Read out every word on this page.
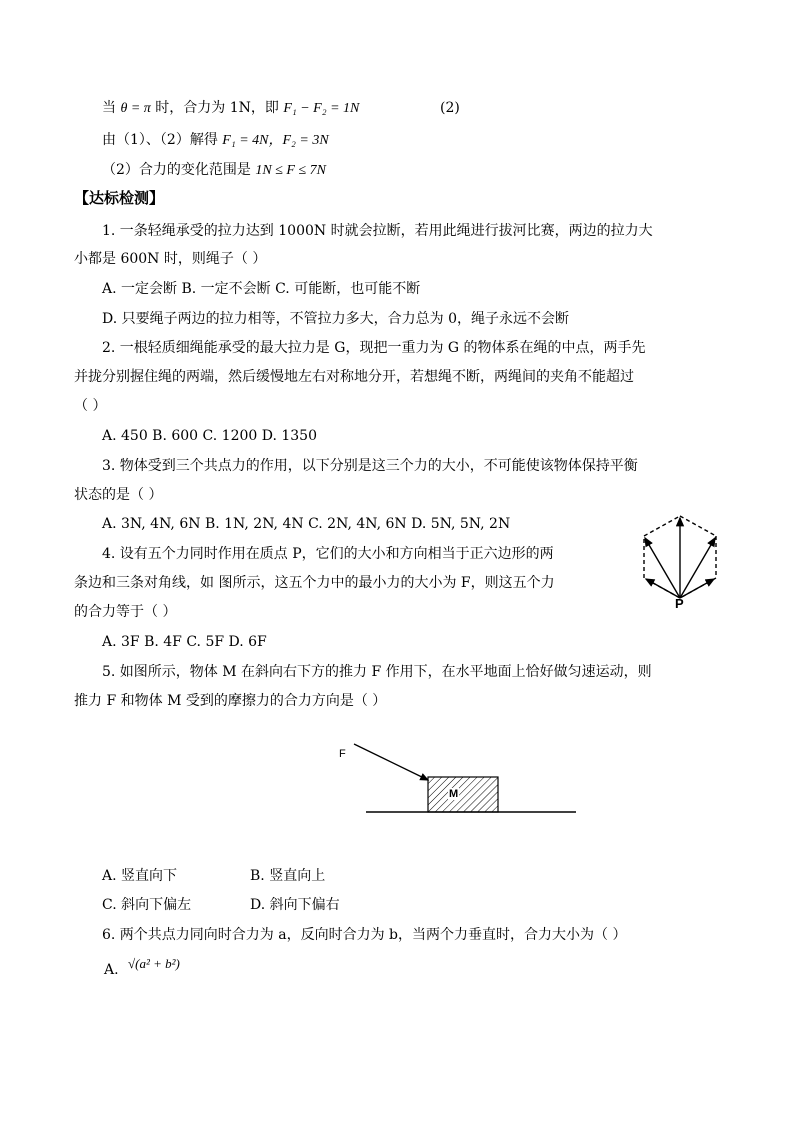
当 θ = π 时，合力为 1N，即 F₁ − F₂ = 1N	(2)
由（1）、（2）解得 F₁ = 4N，F₂ = 3N
（2）合力的变化范围是 1N ≤ F ≤ 7N
【达标检测】
1. 一条轻绳承受的拉力达到 1000N 时就会拉断，若用此绳进行拔河比赛，两边的拉力大
小都是 600N 时，则绳子（ ）
A. 一定会断 B. 一定不会断 C. 可能断，也可能不断
D. 只要绳子两边的拉力相等，不管拉力多大，合力总为 0，绳子永远不会断
2. 一根轻质细绳能承受的最大拉力是 G，现把一重力为 G 的物体系在绳的中点，两手先
并拢分别握住绳的两端，然后缓慢地左右对称地分开，若想绳不断，两绳间的夹角不能超过
（ ）
A. 450 B. 600 C. 1200 D. 1350
3. 物体受到三个共点力的作用，以下分别是这三个力的大小，不可能使该物体保持平衡
状态的是（ ）
A. 3N, 4N, 6N B. 1N, 2N, 4N C. 2N, 4N, 6N D. 5N, 5N, 2N
4. 设有五个力同时作用在质点 P，它们的大小和方向相当于正六边形的两
条边和三条对角线，如 图所示，这五个力中的最小力的大小为 F，则这五个力
的合力等于（ ）
A. 3F B. 4F C. 5F D. 6F
P
5. 如图所示，物体 M 在斜向右下方的推力 F 作用下，在水平地面上恰好做匀速运动，则
推力 F 和物体 M 受到的摩擦力的合力方向是（ ）
F
M
A. 竖直向下	B. 竖直向上
C. 斜向下偏左	D. 斜向下偏右
6. 两个共点力同向时合力为 a，反向时合力为 b，当两个力垂直时，合力大小为（ ）
A. √(a² + b²)
